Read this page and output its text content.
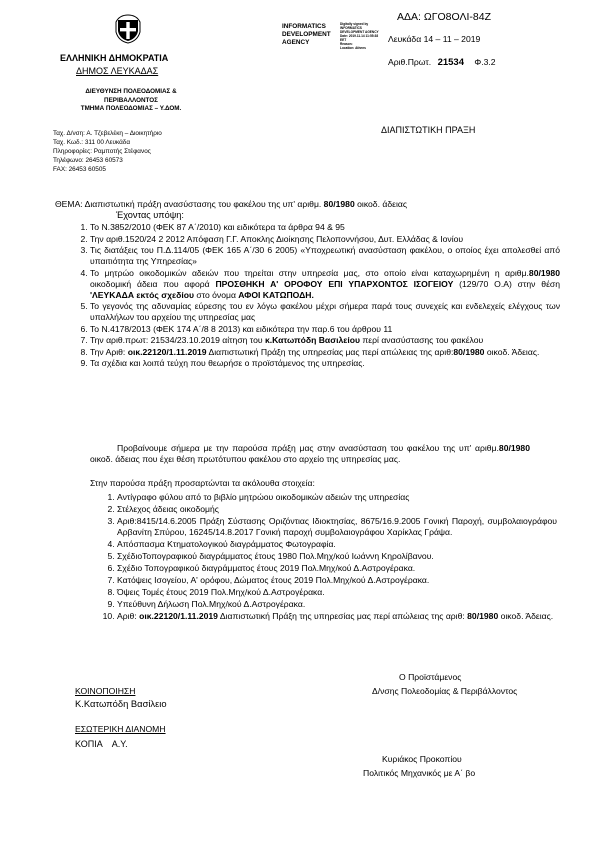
ΑΔΑ: ΩΓΟ8ΟΛΙ-84Ζ
INFORMATICS
DEVELOPMENT
AGENCY
Digitally signed by
INFORMATICS
DEVELOPMENT AGENCY
Date: 2019.11.14 11:55:38
EET
Reason:
Location: Athens
Λευκάδα 14 – 11 – 2019
Αριθ.Πρωτ. 21534 Φ.3.2
ΕΛΛΗΝΙΚΗ ΔΗΜΟΚΡΑΤΙΑ
ΔΗΜΟΣ ΛΕΥΚΑΔΑΣ
ΔΙΕΥΘΥΝΣΗ ΠΟΛΕΟΔΟΜΙΑΣ &
ΠΕΡΙΒΑΛΛΟΝΤΟΣ
ΤΜΗΜΑ ΠΟΛΕΟΔΟΜΙΑΣ – Υ.ΔΟΜ.
Ταχ. Δ/νση: Α. Τζεβελέκη – Διοικητήριο
Ταχ. Κωδ.: 311 00 Λευκάδα
Πληροφορίες: Ραμποτής Στέφανος
Τηλέφωνο: 26453 60573
FAX: 26453 60505
ΔΙΑΠΙΣΤΩΤΙΚΗ ΠΡΑΞΗ
ΘΕΜΑ: Διαπιστωτική πράξη ανασύστασης του φακέλου της υπ' αριθμ. 80/1980 οικοδ. άδειας
Έχοντας υπόψη:
1. Το Ν.3852/2010 (ΦΕΚ 87 Α΄/2010) και ειδικότερα τα άρθρα 94 & 95
2. Την αριθ.1520/24 2 2012 Απόφαση Γ.Γ. Αποκλης Διοίκησης Πελοποννήσου, Δυτ. Ελλάδας & Ιονίου
3. Τις διατάξεις του Π.Δ.114/05 (ΦΕΚ 165 Α΄/30 6 2005) «Υποχρεωτική ανασύσταση φακέλου, ο οποίος έχει απολεσθεί από υπαιτιότητα της Υπηρεσίας»
4. Το μητρώο οικοδομικών αδειών που τηρείται στην υπηρεσία μας, στο οποίο είναι καταχωρημένη η αριθμ.80/1980 οικοδομική άδεια που αφορά ΠΡΟΣΘΗΚΗ Α' ΟΡΟΦΟΥ ΕΠΙ ΥΠΑΡΧΟΝΤΟΣ ΙΣΟΓΕΙΟΥ (129/70 Ο.Α) στην θέση 'ΛΕΥΚΑΔΑ εκτός σχεδίου στο όνομα ΑΦΟΙ ΚΑΤΩΠΟΔΗ.
5. Το γεγονός της αδυναμίας εύρεσης του εν λόγω φακέλου μέχρι σήμερα παρά τους συνεχείς και ενδελεχείς ελέγχους των υπαλλήλων του αρχείου της υπηρεσίας μας
6. Το Ν.4178/2013 (ΦΕΚ 174 Α΄/8 8 2013) και ειδικότερα την παρ.6 του άρθρου 11
7. Την αριθ.πρωτ: 21534/23.10.2019 αίτηση του κ.Κατωπόδη Βασιλείου περί ανασύστασης του φακέλου
8. Την Αριθ: οικ.22120/1.11.2019 Διαπιστωτική Πράξη της υπηρεσίας μας περί απώλειας της αριθ:80/1980 οικοδ. Άδειας.
9. Τα σχέδια και λοιπά τεύχη που θεωρήσε ο προϊστάμενος της υπηρεσίας.
Προβαίνουμε σήμερα με την παρούσα πράξη μας στην ανασύσταση του φακέλου της υπ' αριθμ.80/1980 οικοδ. άδειας που έχει θέση πρωτότυπου φακέλου στο αρχείο της υπηρεσίας μας.
Στην παρούσα πράξη προσαρτώνται τα ακόλουθα στοιχεία:
1. Αντίγραφο φύλου από το βιβλίο μητρώου οικοδομικών αδειών της υπηρεσίας
2. Στέλεχος άδειας οικοδομής
3. Αριθ:8415/14.6.2005 Πράξη Σύστασης Οριζόντιας Ιδιοκτησίας, 8675/16.9.2005 Γονική Παροχή, συμβολαιογράφου Αρβανίτη Σπύρου, 16245/14.8.2017 Γονική παροχή συμβολαιογράφου Χαρίκλας Γράψα.
4. Απόσπασμα Κτηματολογικού διαγράμματος Φωτογραφία.
5. ΣχέδιοΤοπογραφικού διαγράμματος έτους 1980 Πολ.Μηχ/κού Ιωάννη Κηρολίβανου.
6. Σχέδιο Τοπογραφικού διαγράμματος έτους 2019 Πολ.Μηχ/κού Δ.Αστρογέρακα.
7. Κατόψεις Ισογείου, Α' ορόφου, Δώματος έτους 2019 Πολ.Μηχ/κού Δ.Αστρογέρακα.
8. Όψεις Τομές έτους 2019 Πολ.Μηχ/κού Δ.Αστρογέρακα.
9. Υπεύθυνη Δήλωση Πολ.Μηχ/κού Δ.Αστρογέρακα.
10. Αριθ: οικ.22120/1.11.2019 Διαπιστωτική Πράξη της υπηρεσίας μας περί απώλειας της αριθ: 80/1980 οικοδ. Άδειας.
Ο Προϊστάμενος
Δ/νσης Πολεοδομίας & Περιβάλλοντος
ΚΟΙΝΟΠΟΙΗΣΗ
Κ.Κατωπόδη Βασίλειο
ΕΣΩΤΕΡΙΚΗ ΔΙΑΝΟΜΗ
ΚΟΠΙΑ    Α.Υ.
Κυριάκος Προκοπίου
Πολιτικός Μηχανικός με Α΄ βο
